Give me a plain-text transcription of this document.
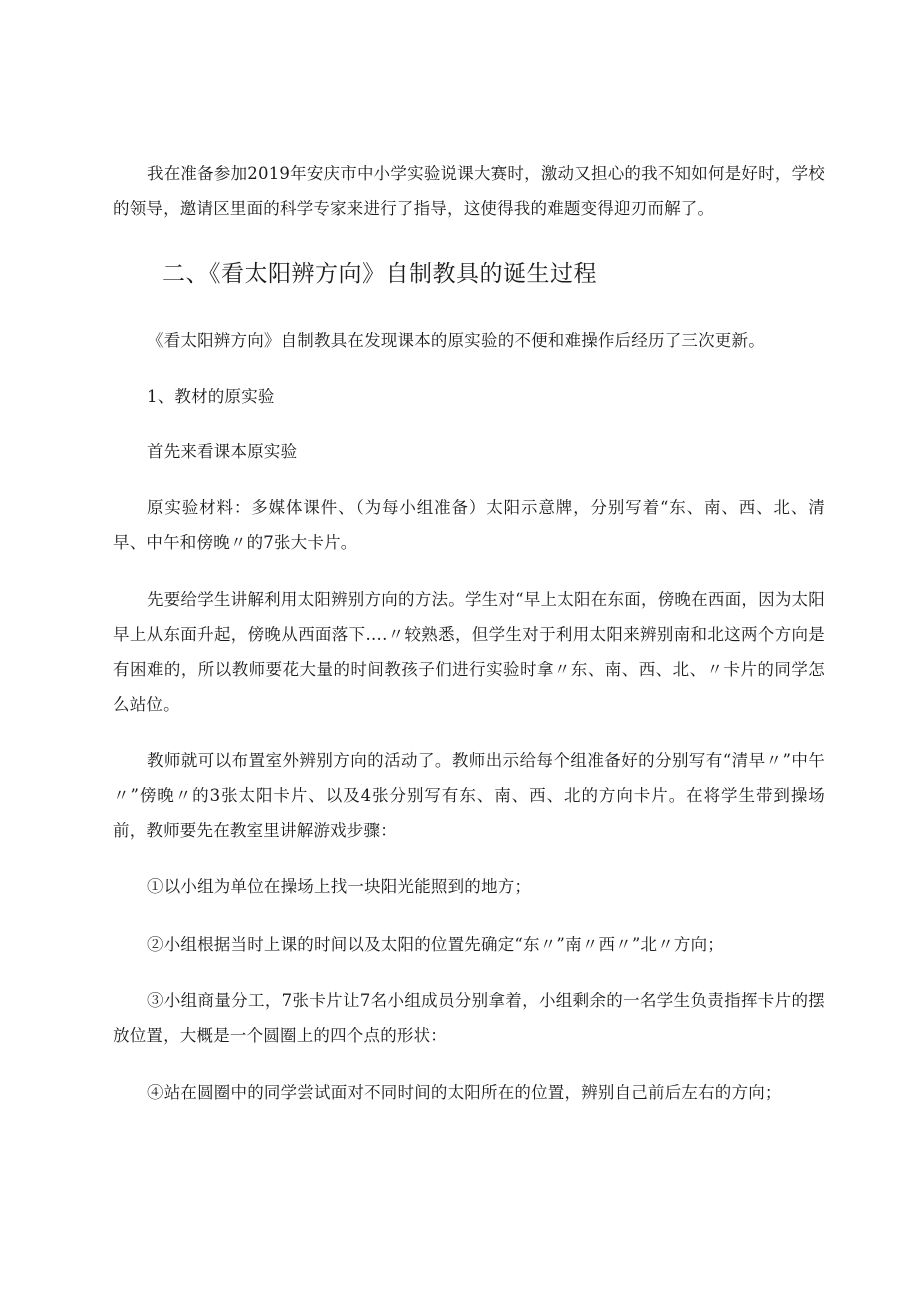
我在准备参加2019年安庆市中小学实验说课大赛时，激动又担心的我不知如何是好时，学校的领导，邀请区里面的科学专家来进行了指导，这使得我的难题变得迎刃而解了。

二、《看太阳辨方向》自制教具的诞生过程

《看太阳辨方向》自制教具在发现课本的原实验的不便和难操作后经历了三次更新。

1、教材的原实验

首先来看课本原实验

原实验材料：多媒体课件、（为每小组准备）太阳示意牌，分别写着“东、南、西、北、清早、中午和傍晚〃的7张大卡片。

先要给学生讲解利用太阳辨别方向的方法。学生对“早上太阳在东面，傍晚在西面，因为太阳早上从东面升起，傍晚从西面落下….〃较熟悉，但学生对于利用太阳来辨别南和北这两个方向是有困难的，所以教师要花大量的时间教孩子们进行实验时拿〃东、南、西、北、〃卡片的同学怎么站位。

教师就可以布置室外辨别方向的活动了。教师出示给每个组准备好的分别写有“清早〃”中午〃”傍晚〃的3张太阳卡片、以及4张分别写有东、南、西、北的方向卡片。在将学生带到操场前，教师要先在教室里讲解游戏步骤：

①以小组为单位在操场上找一块阳光能照到的地方；

②小组根据当时上课的时间以及太阳的位置先确定“东〃”南〃西〃”北〃方向；

③小组商量分工，7张卡片让7名小组成员分别拿着，小组剩余的一名学生负责指挥卡片的摆放位置，大概是一个圆圈上的四个点的形状：

④站在圆圈中的同学尝试面对不同时间的太阳所在的位置，辨别自己前后左右的方向；
